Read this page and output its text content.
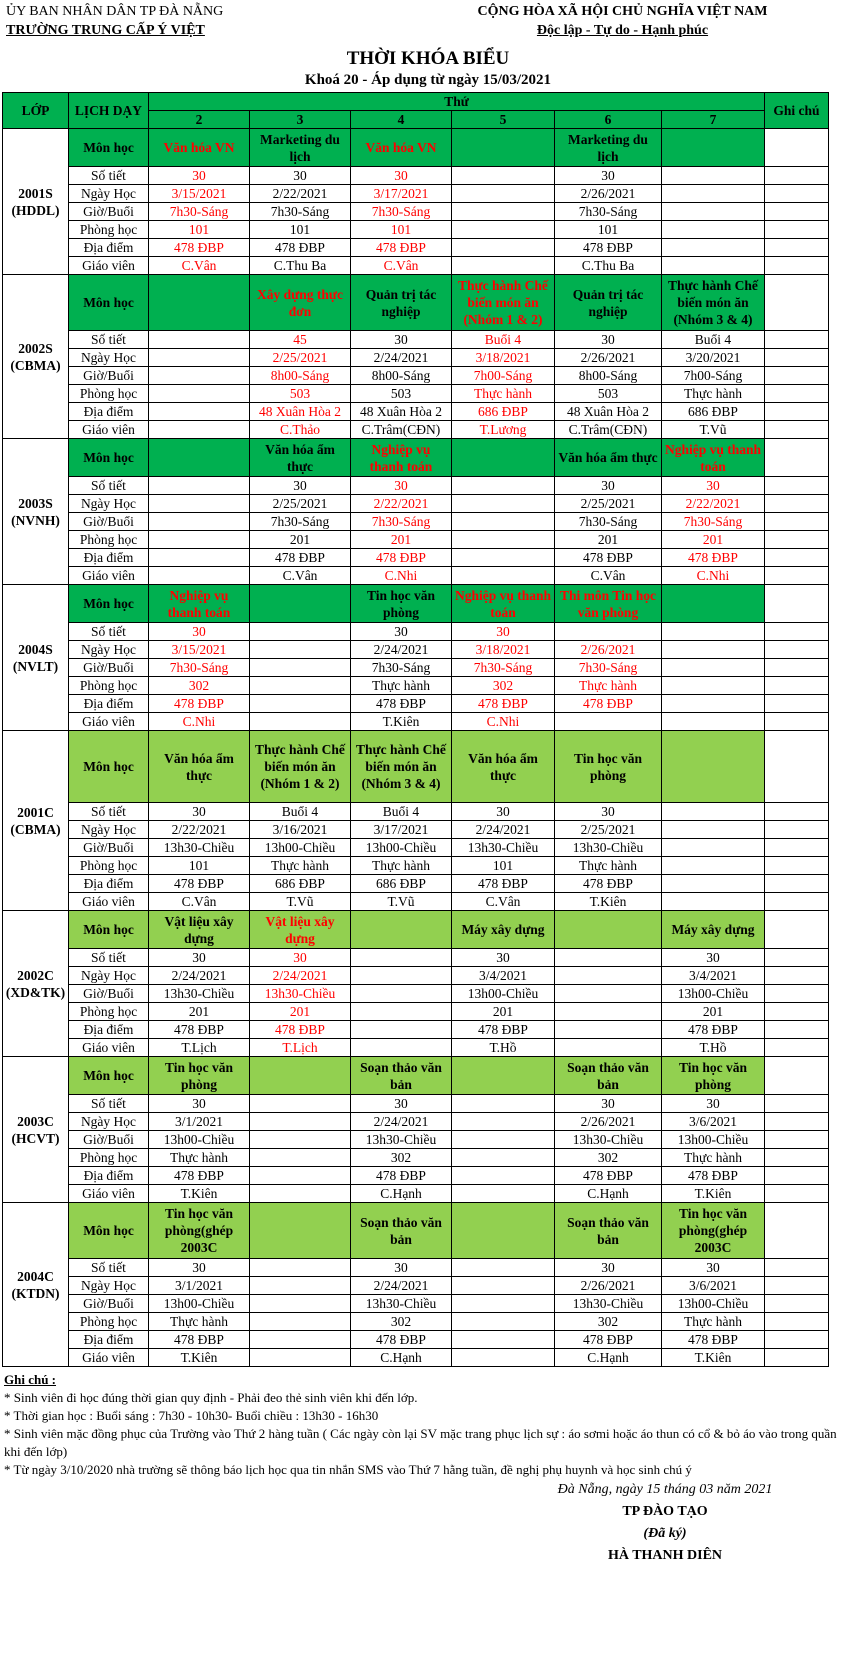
ỦY BAN NHÂN DÂN TP ĐÀ NẴNG
TRƯỜNG TRUNG CẤP Ý VIỆT
CỘNG HÒA XÃ HỘI CHỦ NGHĨA VIỆT NAM
Độc lập - Tự do - Hạnh phúc
THỜI KHÓA BIỂU
Khoá 20 - Áp dụng từ ngày 15/03/2021
LỚP	LỊCH DẠY	Thứ						Ghi chú
		2	3	4	5	6	7	
2001S
(HDDL)	Môn học	Văn hóa VN	Marketing du lịch	Văn hóa VN		Marketing du lịch		
	Số tiết	30	30	30		30		
	Ngày Học	3/15/2021	2/22/2021	3/17/2021		2/26/2021		
	Giờ/Buổi	7h30-Sáng	7h30-Sáng	7h30-Sáng		7h30-Sáng		
	Phòng học	101	101	101		101		
	Địa điểm	478 ĐBP	478 ĐBP	478 ĐBP		478 ĐBP		
	Giáo viên	C.Vân	C.Thu Ba	C.Vân		C.Thu Ba		
2002S
(CBMA)	Môn học		Xây dựng thực đơn	Quản trị tác nghiệp	Thực hành Chế biến món ăn (Nhóm 1 & 2)	Quản trị tác nghiệp	Thực hành Chế biến món ăn (Nhóm 3 & 4)	
	Số tiết		45	30	Buổi 4	30	Buổi 4	
	Ngày Học		2/25/2021	2/24/2021	3/18/2021	2/26/2021	3/20/2021	
	Giờ/Buổi		8h00-Sáng	8h00-Sáng	7h00-Sáng	8h00-Sáng	7h00-Sáng	
	Phòng học		503	503	Thực hành	503	Thực hành	
	Địa điểm		48 Xuân Hòa 2	48 Xuân Hòa 2	686 ĐBP	48 Xuân Hòa 2	686 ĐBP	
	Giáo viên		C.Thảo	C.Trâm(CĐN)	T.Lương	C.Trâm(CĐN)	T.Vũ	
2003S
(NVNH)	Môn học		Văn hóa ẩm thực	Nghiệp vụ thanh toán		Văn hóa ẩm thực	Nghiệp vụ thanh toán	
	Số tiết		30	30		30	30	
	Ngày Học		2/25/2021	2/22/2021		2/25/2021	2/22/2021	
	Giờ/Buổi		7h30-Sáng	7h30-Sáng		7h30-Sáng	7h30-Sáng	
	Phòng học		201	201		201	201	
	Địa điểm		478 ĐBP	478 ĐBP		478 ĐBP	478 ĐBP	
	Giáo viên		C.Vân	C.Nhi		C.Vân	C.Nhi	
2004S
(NVLT)	Môn học	Nghiệp vụ thanh toán		Tin học văn phòng	Nghiệp vụ thanh toán	Thi môn Tin học văn phòng		
	Số tiết	30		30	30			
	Ngày Học	3/15/2021		2/24/2021	3/18/2021	2/26/2021		
	Giờ/Buổi	7h30-Sáng		7h30-Sáng	7h30-Sáng	7h30-Sáng		
	Phòng học	302		Thực hành	302	Thực hành		
	Địa điểm	478 ĐBP		478 ĐBP	478 ĐBP	478 ĐBP		
	Giáo viên	C.Nhi		T.Kiên	C.Nhi			
2001C
(CBMA)	Môn học	Văn hóa ẩm thực	Thực hành Chế biến món ăn (Nhóm 1 & 2)	Thực hành Chế biến món ăn (Nhóm 3 & 4)	Văn hóa ẩm thực	Tin học văn phòng		
	Số tiết	30	Buổi 4	Buổi 4	30	30		
	Ngày Học	2/22/2021	3/16/2021	3/17/2021	2/24/2021	2/25/2021		
	Giờ/Buổi	13h30-Chiều	13h00-Chiều	13h00-Chiều	13h30-Chiều	13h30-Chiều		
	Phòng học	101	Thực hành	Thực hành	101	Thực hành		
	Địa điểm	478 ĐBP	686 ĐBP	686 ĐBP	478 ĐBP	478 ĐBP		
	Giáo viên	C.Vân	T.Vũ	T.Vũ	C.Vân	T.Kiên		
2002C
(XD&TK)	Môn học	Vật liệu xây dựng	Vật liệu xây dựng		Máy xây dựng		Máy xây dựng	
	Số tiết	30	30		30		30	
	Ngày Học	2/24/2021	2/24/2021		3/4/2021		3/4/2021	
	Giờ/Buổi	13h30-Chiều	13h30-Chiều		13h00-Chiều		13h00-Chiều	
	Phòng học	201	201		201		201	
	Địa điểm	478 ĐBP	478 ĐBP		478 ĐBP		478 ĐBP	
	Giáo viên	T.Lịch	T.Lịch		T.Hồ		T.Hồ	
2003C
(HCVT)	Môn học	Tin học văn phòng		Soạn thảo văn bản		Soạn thảo văn bản	Tin học văn phòng	
	Số tiết	30		30		30	30	
	Ngày Học	3/1/2021		2/24/2021		2/26/2021	3/6/2021	
	Giờ/Buổi	13h00-Chiều		13h30-Chiều		13h30-Chiều	13h00-Chiều	
	Phòng học	Thực hành		302		302	Thực hành	
	Địa điểm	478 ĐBP		478 ĐBP		478 ĐBP	478 ĐBP	
	Giáo viên	T.Kiên		C.Hạnh		C.Hạnh	T.Kiên	
2004C
(KTDN)	Môn học	Tin học văn phòng(ghép 2003C		Soạn thảo văn bản		Soạn thảo văn bản	Tin học văn phòng(ghép 2003C	
	Số tiết	30		30		30	30	
	Ngày Học	3/1/2021		2/24/2021		2/26/2021	3/6/2021	
	Giờ/Buổi	13h00-Chiều		13h30-Chiều		13h30-Chiều	13h00-Chiều	
	Phòng học	Thực hành		302		302	Thực hành	
	Địa điểm	478 ĐBP		478 ĐBP		478 ĐBP	478 ĐBP	
	Giáo viên	T.Kiên		C.Hạnh		C.Hạnh	T.Kiên	
Ghi chú :
* Sinh viên đi học đúng thời gian quy định - Phải đeo thẻ sinh viên khi đến lớp.
* Thời gian học : Buổi sáng : 7h30 - 10h30- Buổi chiều : 13h30 - 16h30
* Sinh viên mặc đồng phục của Trường vào Thứ 2 hàng tuần ( Các ngày còn lại SV mặc trang phục lịch sự : áo sơmi hoặc áo thun có cổ & bỏ áo vào trong quần khi đến lớp)
* Từ ngày 3/10/2020 nhà trường sẽ thông báo lịch học qua tin nhắn SMS vào Thứ 7 hằng tuần, đề nghị phụ huynh và học sinh chú ý
Đà Nẵng, ngày 15 tháng 03 năm 2021
TP ĐÀO TẠO
(Đã ký)
HÀ THANH DIÊN
